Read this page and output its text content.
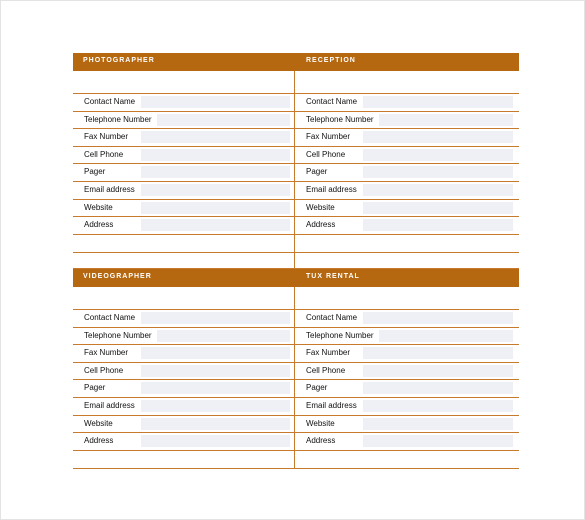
PHOTOGRAPHER	RECEPTION
Contact Name
Telephone Number
Fax Number
Cell Phone
Pager
Email address
Website
Address
Contact Name
Telephone Number
Fax Number
Cell Phone
Pager
Email address
Website
Address
VIDEOGRAPHER	TUX RENTAL
Contact Name
Telephone Number
Fax Number
Cell Phone
Pager
Email address
Website
Address
Contact Name
Telephone Number
Fax Number
Cell Phone
Pager
Email address
Website
Address
